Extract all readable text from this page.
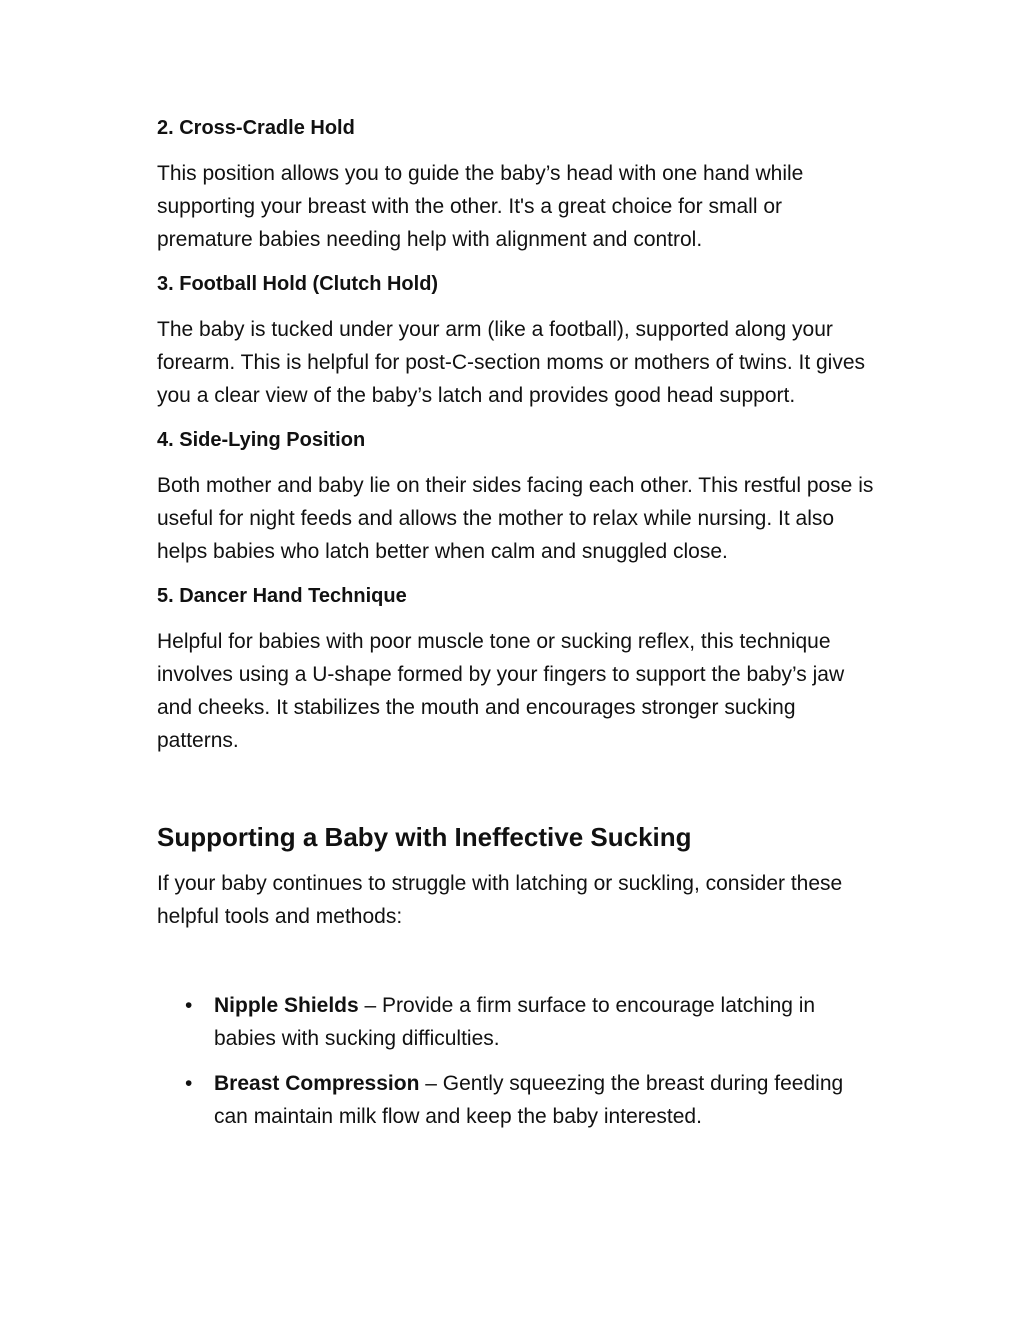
2. Cross-Cradle Hold
This position allows you to guide the baby’s head with one hand while supporting your breast with the other. It's a great choice for small or premature babies needing help with alignment and control.
3. Football Hold (Clutch Hold)
The baby is tucked under your arm (like a football), supported along your forearm. This is helpful for post-C-section moms or mothers of twins. It gives you a clear view of the baby’s latch and provides good head support.
4. Side-Lying Position
Both mother and baby lie on their sides facing each other. This restful pose is useful for night feeds and allows the mother to relax while nursing. It also helps babies who latch better when calm and snuggled close.
5. Dancer Hand Technique
Helpful for babies with poor muscle tone or sucking reflex, this technique involves using a U-shape formed by your fingers to support the baby’s jaw and cheeks. It stabilizes the mouth and encourages stronger sucking patterns.
Supporting a Baby with Ineffective Sucking
If your baby continues to struggle with latching or suckling, consider these helpful tools and methods:
• Nipple Shields – Provide a firm surface to encourage latching in babies with sucking difficulties.
• Breast Compression – Gently squeezing the breast during feeding can maintain milk flow and keep the baby interested.
